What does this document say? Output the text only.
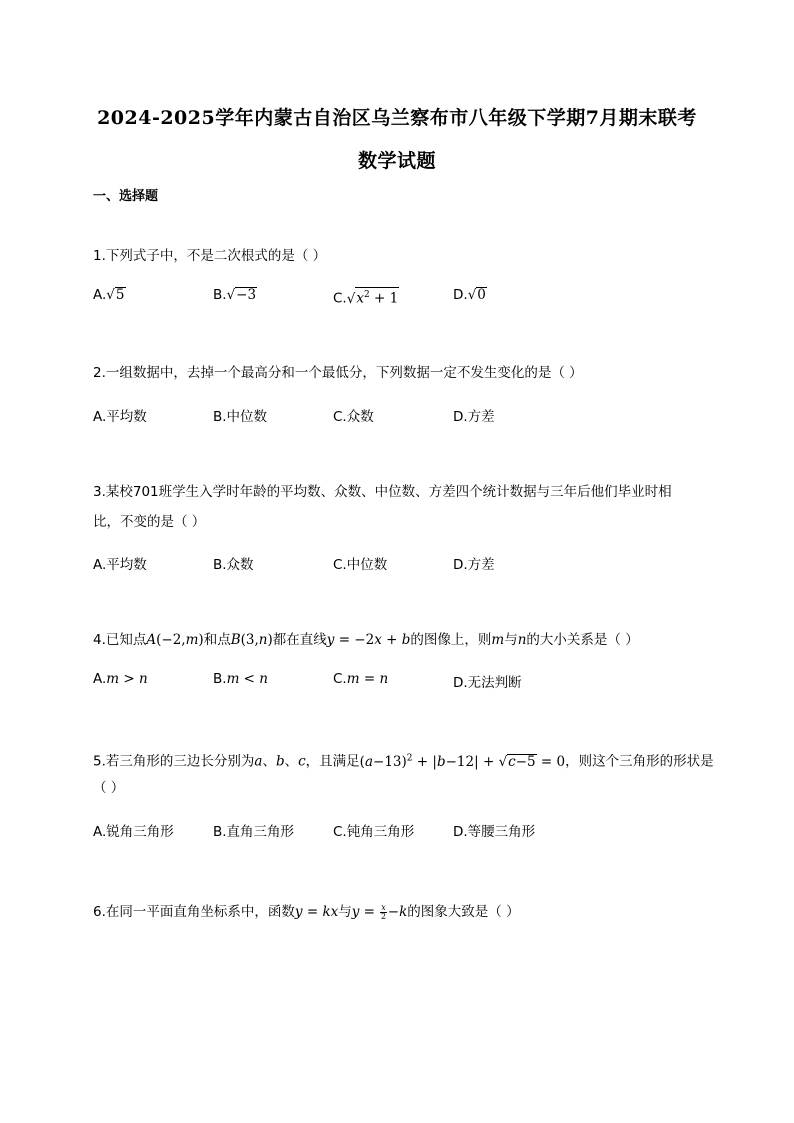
2024-2025学年内蒙古自治区乌兰察布市八年级下学期7月期末联考
数学试题
一、选择题
1.下列式子中，不是二次根式的是（ ）
A.√5	B.√−3	$C.√x^2 + 1$	D.√0
2.一组数据中，去掉一个最高分和一个最低分，下列数据一定不发生变化的是（ ）
A.平均数	B.中位数	C.众数	D.方差
3.某校701班学生入学时年龄的平均数、众数、中位数、方差四个统计数据与三年后他们毕业时相
比，不变的是（ ）
A.平均数	B.众数	C.中位数	D.方差
4.已知点A(−2,m)和点B(3,n)都在直线y = −2x + b的图像上，则m与n的大小关系是（ ）
A.m > n	B.m < n	C.m = n	D.无法判断
5.若三角形的三边长分别为a、b、c，且满足$(a-13)^2 + |b-12| + √c-5 = 0$，则这个三角形的形状是
（ ）
A.锐角三角形	B.直角三角形	C.钝角三角形	D.等腰三角形
6.在同一平面直角坐标系中，函数y = kx与$y = \frac{x}{2} -k$的图象大致是（ ）
